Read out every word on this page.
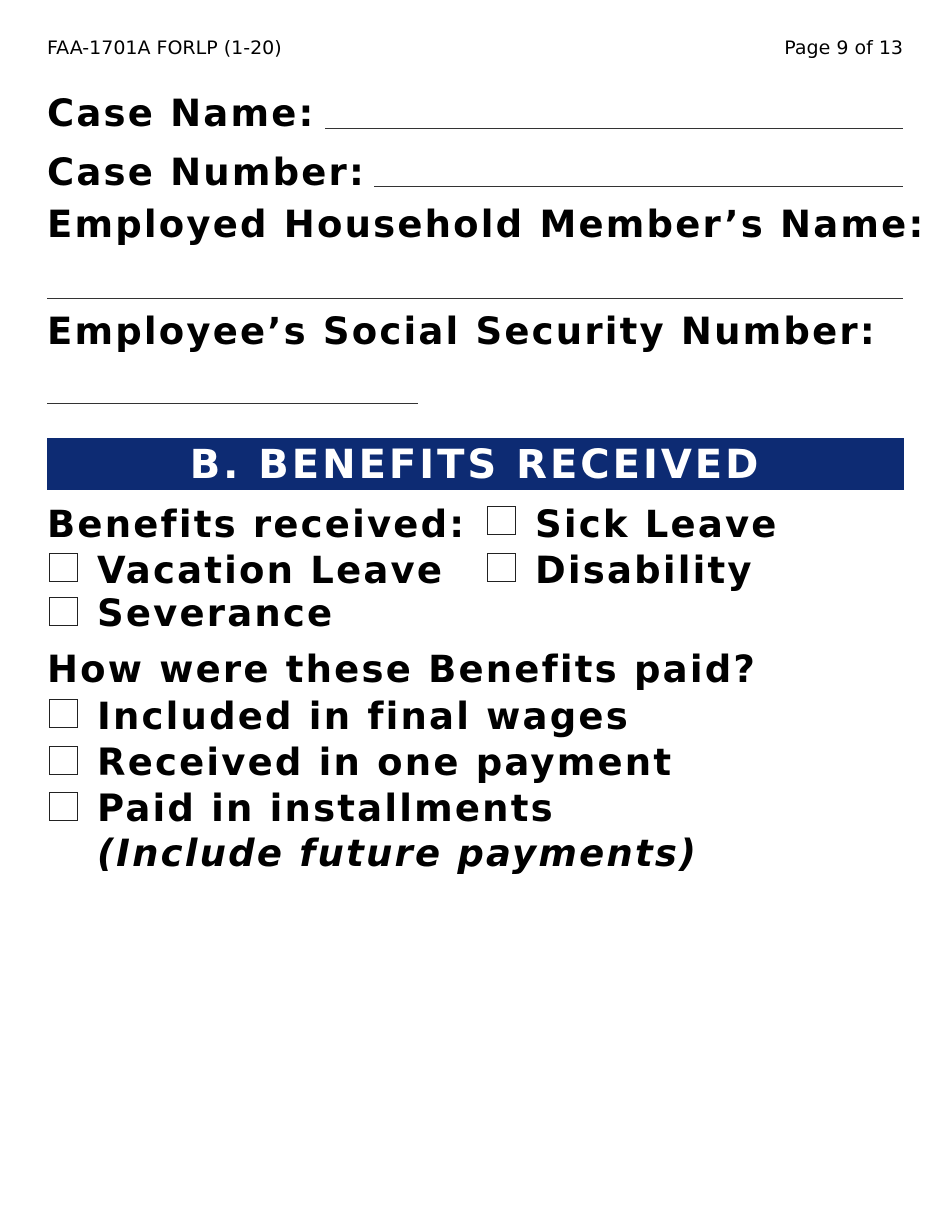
FAA-1701A FORLP (1-20)	Page 9 of 13
Case Name:
Case Number:
Employed Household Member’s Name:
Employee’s Social Security Number:
B. BENEFITS RECEIVED
Benefits received: Sick Leave
Vacation Leave Disability
Severance
How were these Benefits paid?
Included in final wages
Received in one payment
Paid in installments
(Include future payments)
